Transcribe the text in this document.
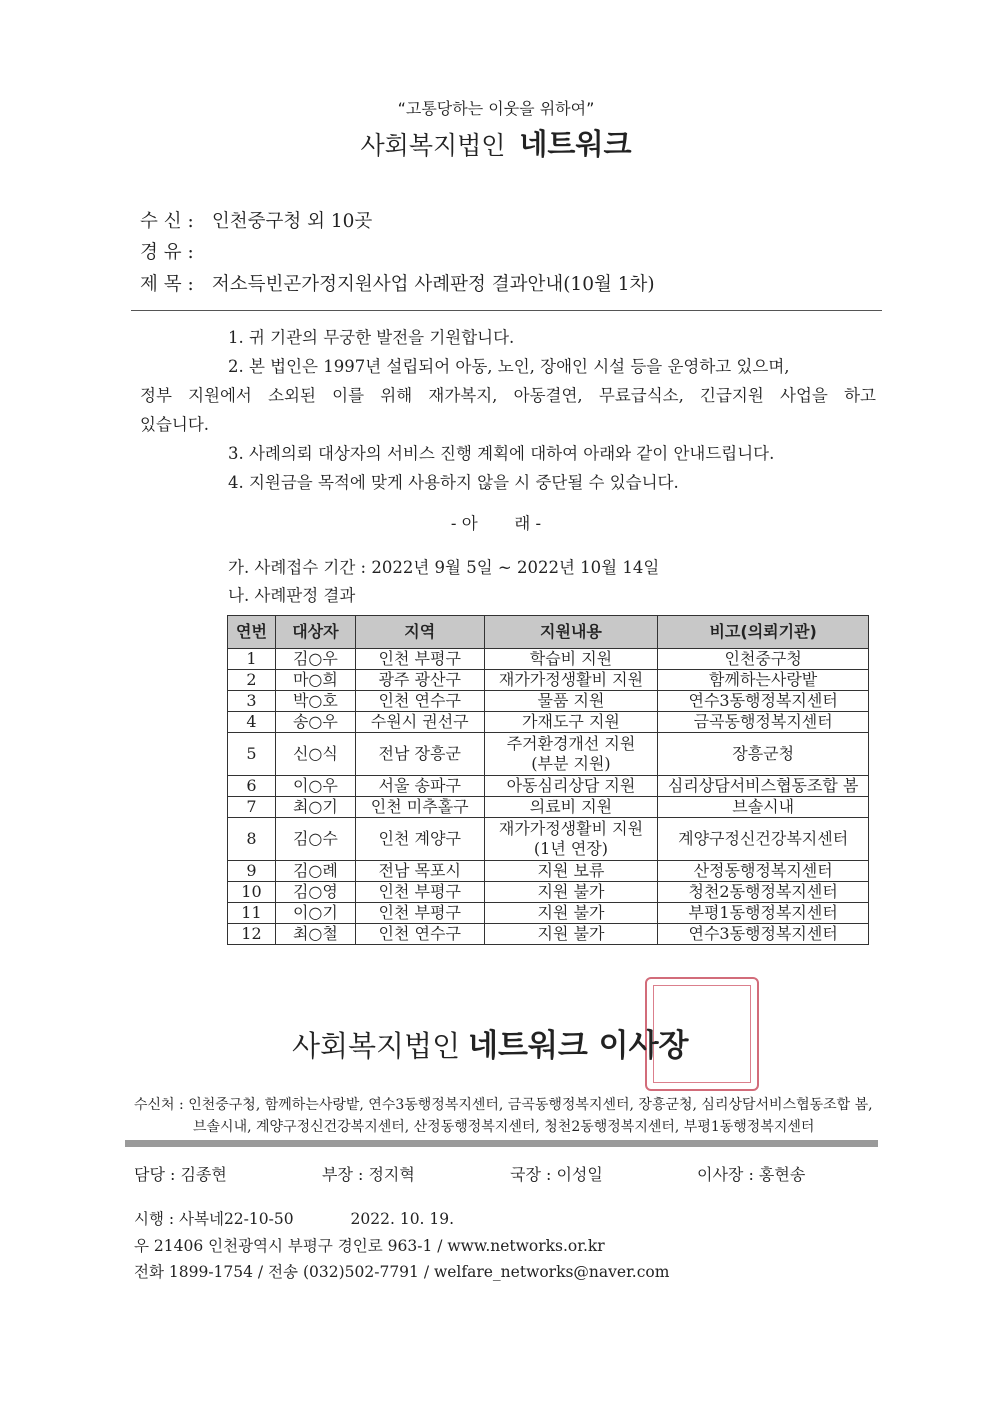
“고통당하는 이웃을 위하여”
사회복지법인 네트워크
수 신 : 인천중구청 외 10곳
경 유 :
제 목 : 저소득빈곤가정지원사업 사례판정 결과안내(10월 1차)
1. 귀 기관의 무궁한 발전을 기원합니다.
2. 본 법인은 1997년 설립되어 아동, 노인, 장애인 시설 등을 운영하고 있으며,
정부 지원에서 소외된 이를 위해 재가복지, 아동결연, 무료급식소, 긴급지원 사업을 하고
있습니다.
3. 사례의뢰 대상자의 서비스 진행 계획에 대하여 아래와 같이 안내드립니다.
4. 지원금을 목적에 맞게 사용하지 않을 시 중단될 수 있습니다.
- 아       래 -
가. 사례접수 기간 : 2022년 9월 5일 ~ 2022년 10월 14일
나. 사례판정 결과
연번	대상자	지역	지원내용	비고(의뢰기관)
1	김○우	인천 부평구	학습비 지원	인천중구청
2	마○희	광주 광산구	재가가정생활비 지원	함께하는사랑밭
3	박○호	인천 연수구	물품 지원	연수3동행정복지센터
4	송○우	수원시 권선구	가재도구 지원	금곡동행정복지센터
5	신○식	전남 장흥군	주거환경개선 지원
(부분 지원)	장흥군청
6	이○우	서울 송파구	아동심리상담 지원	심리상담서비스협동조합 봄
7	최○기	인천 미추홀구	의료비 지원	브솔시내
8	김○수	인천 계양구	재가가정생활비 지원
(1년 연장)	계양구정신건강복지센터
9	김○례	전남 목포시	지원 보류	산정동행정복지센터
10	김○영	인천 부평구	지원 불가	청천2동행정복지센터
11	이○기	인천 부평구	지원 불가	부평1동행정복지센터
12	최○철	인천 연수구	지원 불가	연수3동행정복지센터
사회복지법인 네트워크 이사장
수신처 : 인천중구청, 함께하는사랑밭, 연수3동행정복지센터, 금곡동행정복지센터, 장흥군청, 심리상담서비스협동조합 봄,
브솔시내, 계양구정신건강복지센터, 산정동행정복지센터, 청천2동행정복지센터, 부평1동행정복지센터
담당 : 김종현	부장 : 정지혁	국장 : 이성일	이사장 : 홍현송
시행 : 사복네22-10-50	2022. 10. 19.
우 21406 인천광역시 부평구 경인로 963-1 / www.networks.or.kr
전화 1899-1754 / 전송 (032)502-7791 / welfare_networks@naver.com
